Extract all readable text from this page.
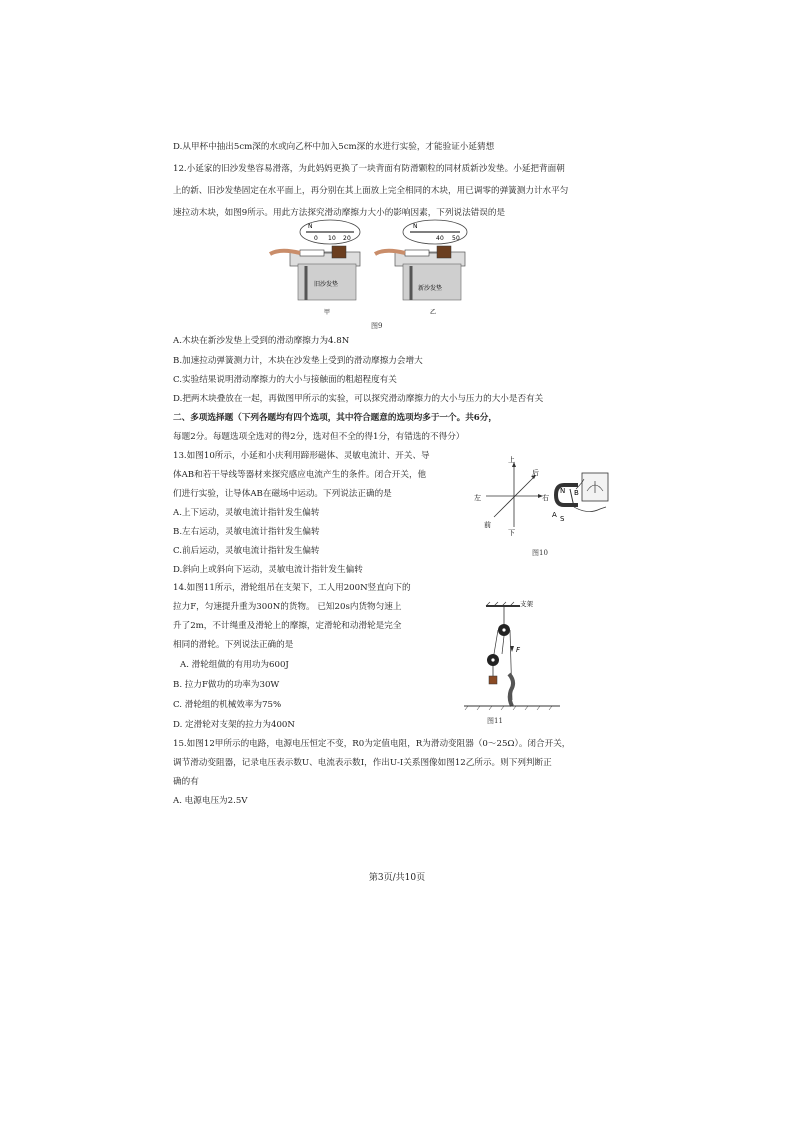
D.从甲杯中抽出5cm深的水或向乙杯中加入5cm深的水进行实验，才能验证小延猜想
12.小延家的旧沙发垫容易滑落，为此妈妈更换了一块背面有防滑颗粒的同材质新沙发垫。小延把背面朝
上的新、旧沙发垫固定在水平面上，再分别在其上面放上完全相同的木块，用已调零的弹簧测力计水平匀
速拉动木块，如图9所示。用此方法探究滑动摩擦力大小的影响因素，下列说法错误的是
N
0 1 0 2 0
N
4 0 5 0
旧沙发垫
新沙发垫
甲	乙
图9
A.木块在新沙发垫上受到的滑动摩擦力为4.8N
B.加速拉动弹簧测力计，木块在沙发垫上受到的滑动摩擦力会增大
C.实验结果说明滑动摩擦力的大小与接触面的粗超程度有关
D.把两木块叠放在一起，再做图甲所示的实验，可以探究滑动摩擦力的大小与压力的大小是否有关
二、多项选择题（下列各题均有四个选项，其中符合题意的选项均多于一个。共6分，
每题2分。每题选项全选对的得2分，选对但不全的得1分，有错选的不得分）
13.如图10所示，小延和小庆利用蹄形磁体、灵敏电流计、开关、导
体AB和若干导线等器材来探究感应电流产生的条件。闭合开关，他
们进行实验，让导体AB在磁场中运动。下列说法正确的是
A.上下运动，灵敏电流计指针发生偏转
B.左右运动，灵敏电流计指针发生偏转
C.前后运动，灵敏电流计指针发生偏转
D.斜向上或斜向下运动，灵敏电流计指针发生偏转
上
下
左	右
前
后
N
S
A
B
图10
14.如图11所示，滑轮组吊在支架下，工人用200N竖直向下的
拉力F，匀速提升重为300N的货物。 已知20s内货物匀速上
升了2m，不计绳重及滑轮上的摩擦，定滑轮和动滑轮是完全
相同的滑轮。下列说法正确的是
A. 滑轮组做的有用功为600J
B. 拉力F做功的功率为30W
C. 滑轮组的机械效率为75%
D. 定滑轮对支架的拉力为400N
支架
F
图11
15.如图12甲所示的电路，电源电压恒定不变，R0为定值电阻，R为滑动变阻器（0～25Ω）。闭合开关，
调节滑动变阻器，记录电压表示数U、电流表示数I，作出U-I关系图像如图12乙所示。则下列判断正
确的有
A. 电源电压为2.5V
第3页/共10页
